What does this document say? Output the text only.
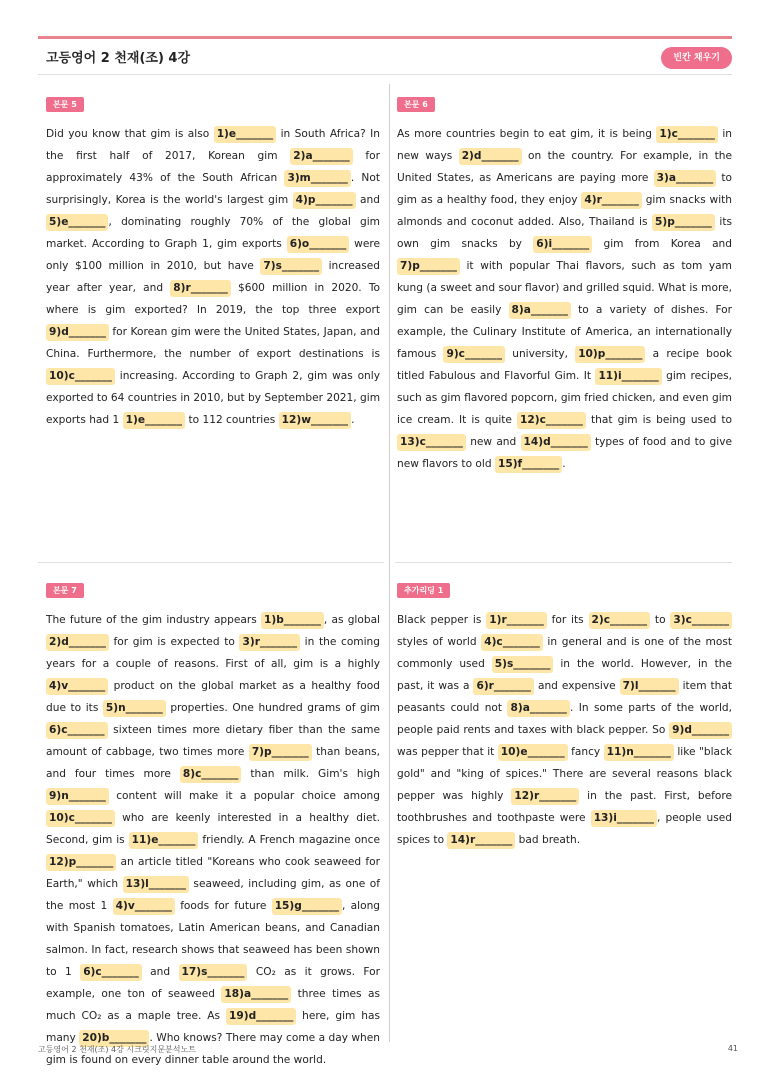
고등영어 2 천재(조) 4강	빈칸 채우기
본문 5
Did you know that gim is also 1)e_______ in South Africa? In the first half of 2017, Korean gim 2)a_______ for approximately 43% of the South African 3)m_______ . Not surprisingly, Korea is the world's largest gim 4)p_______ and 5)e_______ , dominating roughly 70% of the global gim market. According to Graph 1, gim exports 6)o_______ were only $100 million in 2010, but have 7)s_______ increased year after year, and 8)r_______ $600 million in 2020. To where is gim exported? In 2019, the top three export 9)d_______ for Korean gim were the United States, Japan, and China. Furthermore, the number of export destinations is 10)c_______ increasing. According to Graph 2, gim was only exported to 64 countries in 2010, but by September 2021, gim exports had 1 1)e_______ to 112 countries 12)w_______ .
본문 6
As more countries begin to eat gim, it is being 1)c_______ in new ways 2)d_______ on the country. For example, in the United States, as Americans are paying more 3)a_______ to gim as a healthy food, they enjoy 4)r_______ gim snacks with almonds and coconut added. Also, Thailand is 5)p_______ its own gim snacks by 6)i_______ gim from Korea and 7)p_______ it with popular Thai flavors, such as tom yam kung (a sweet and sour flavor) and grilled squid. What is more, gim can be easily 8)a_______ to a variety of dishes. For example, the Culinary Institute of America, an internationally famous 9)c_______ university, 10)p_______ a recipe book titled Fabulous and Flavorful Gim. It 11)i_______ gim recipes, such as gim flavored popcorn, gim fried chicken, and even gim ice cream. It is quite 12)c_______ that gim is being used to 13)c_______ new and 14)d_______ types of food and to give new flavors to old 15)f_______ .
본문 7
The future of the gim industry appears 1)b_______ , as global 2)d_______ for gim is expected to 3)r_______ in the coming years for a couple of reasons. First of all, gim is a highly 4)v_______ product on the global market as a healthy food due to its 5)n_______ properties. One hundred grams of gim 6)c_______ sixteen times more dietary fiber than the same amount of cabbage, two times more 7)p_______ than beans, and four times more 8)c_______ than milk. Gim's high 9)n_______ content will make it a popular choice among 10)c_______ who are keenly interested in a healthy diet. Second, gim is 11)e_______ friendly. A French magazine once 12)p_______ an article titled "Koreans who cook seaweed for Earth," which 13)l_______ seaweed, including gim, as one of the most 1 4)v_______ foods for future 15)g_______ , along with Spanish tomatoes, Latin American beans, and Canadian salmon. In fact, research shows that seaweed has been shown to 1 6)c_______ and 17)s_______ CO₂ as it grows. For example, one ton of seaweed 18)a_______ three times as much CO₂ as a maple tree. As 19)d_______ here, gim has many 20)b_______ . Who knows? There may come a day when gim is found on every dinner table around the world.
추가리딩 1
Black pepper is 1)r_______ for its 2)c_______ to 3)c_______ styles of world 4)c_______ in general and is one of the most commonly used 5)s_______ in the world. However, in the past, it was a 6)r_______ and expensive 7)l_______ item that peasants could not 8)a_______ . In some parts of the world, people paid rents and taxes with black pepper. So 9)d_______ was pepper that it 10)e_______ fancy 11)n_______ like "black gold" and "king of spices." There are several reasons black pepper was highly 12)r_______ in the past. First, before toothbrushes and toothpaste were 13)i_______ , people used spices to 14)r_______ bad breath.
고등영어 2 천재(조) 4강 시크릿지문분석노트	41
